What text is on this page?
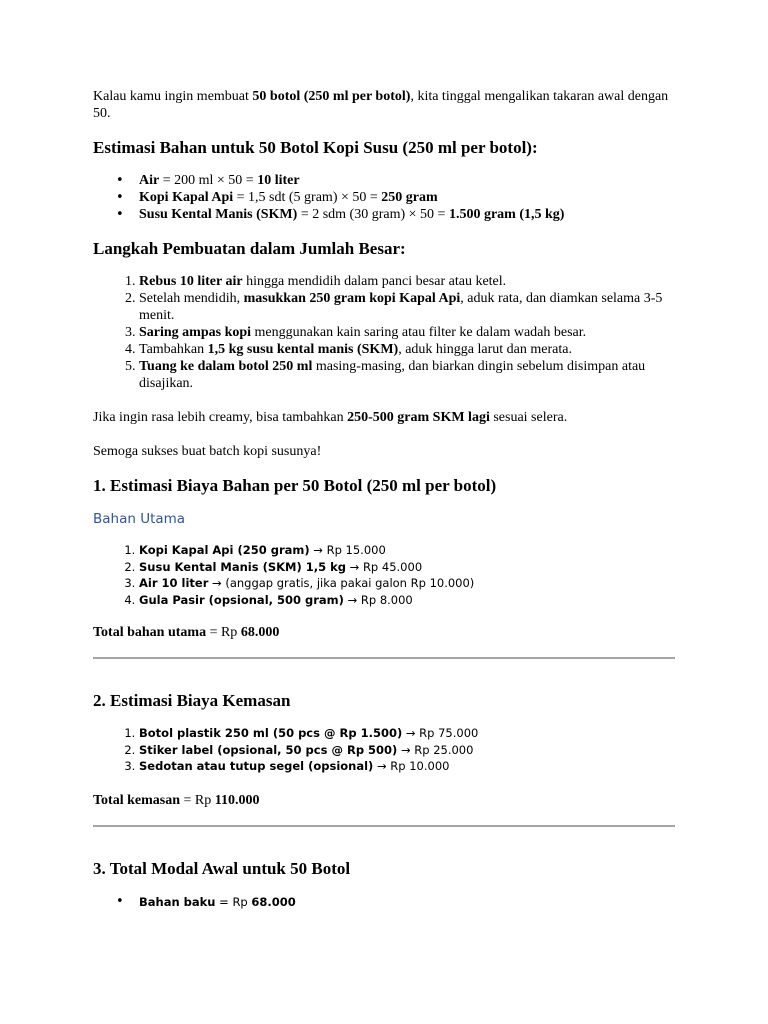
Kalau kamu ingin membuat 50 botol (250 ml per botol), kita tinggal mengalikan takaran awal dengan 50.

Estimasi Bahan untuk 50 Botol Kopi Susu (250 ml per botol):
• Air = 200 ml × 50 = 10 liter
• Kopi Kapal Api = 1,5 sdt (5 gram) × 50 = 250 gram
• Susu Kental Manis (SKM) = 2 sdm (30 gram) × 50 = 1.500 gram (1,5 kg)
Langkah Pembuatan dalam Jumlah Besar:
1. Rebus 10 liter air hingga mendidih dalam panci besar atau ketel.
2. Setelah mendidih, masukkan 250 gram kopi Kapal Api, aduk rata, dan diamkan selama 3-5 menit.
3. Saring ampas kopi menggunakan kain saring atau filter ke dalam wadah besar.
4. Tambahkan 1,5 kg susu kental manis (SKM), aduk hingga larut dan merata.
5. Tuang ke dalam botol 250 ml masing-masing, dan biarkan dingin sebelum disimpan atau disajikan.

Jika ingin rasa lebih creamy, bisa tambahkan 250-500 gram SKM lagi sesuai selera.

Semoga sukses buat batch kopi susunya!

1. Estimasi Biaya Bahan per 50 Botol (250 ml per botol)
Bahan Utama
1. Kopi Kapal Api (250 gram) → Rp 15.000
2. Susu Kental Manis (SKM) 1,5 kg → Rp 45.000
3. Air 10 liter → (anggap gratis, jika pakai galon Rp 10.000)
4. Gula Pasir (opsional, 500 gram) → Rp 8.000

Total bahan utama = Rp 68.000

2. Estimasi Biaya Kemasan
1. Botol plastik 250 ml (50 pcs @ Rp 1.500) → Rp 75.000
2. Stiker label (opsional, 50 pcs @ Rp 500) → Rp 25.000
3. Sedotan atau tutup segel (opsional) → Rp 10.000

Total kemasan = Rp 110.000

3. Total Modal Awal untuk 50 Botol
• Bahan baku = Rp 68.000
